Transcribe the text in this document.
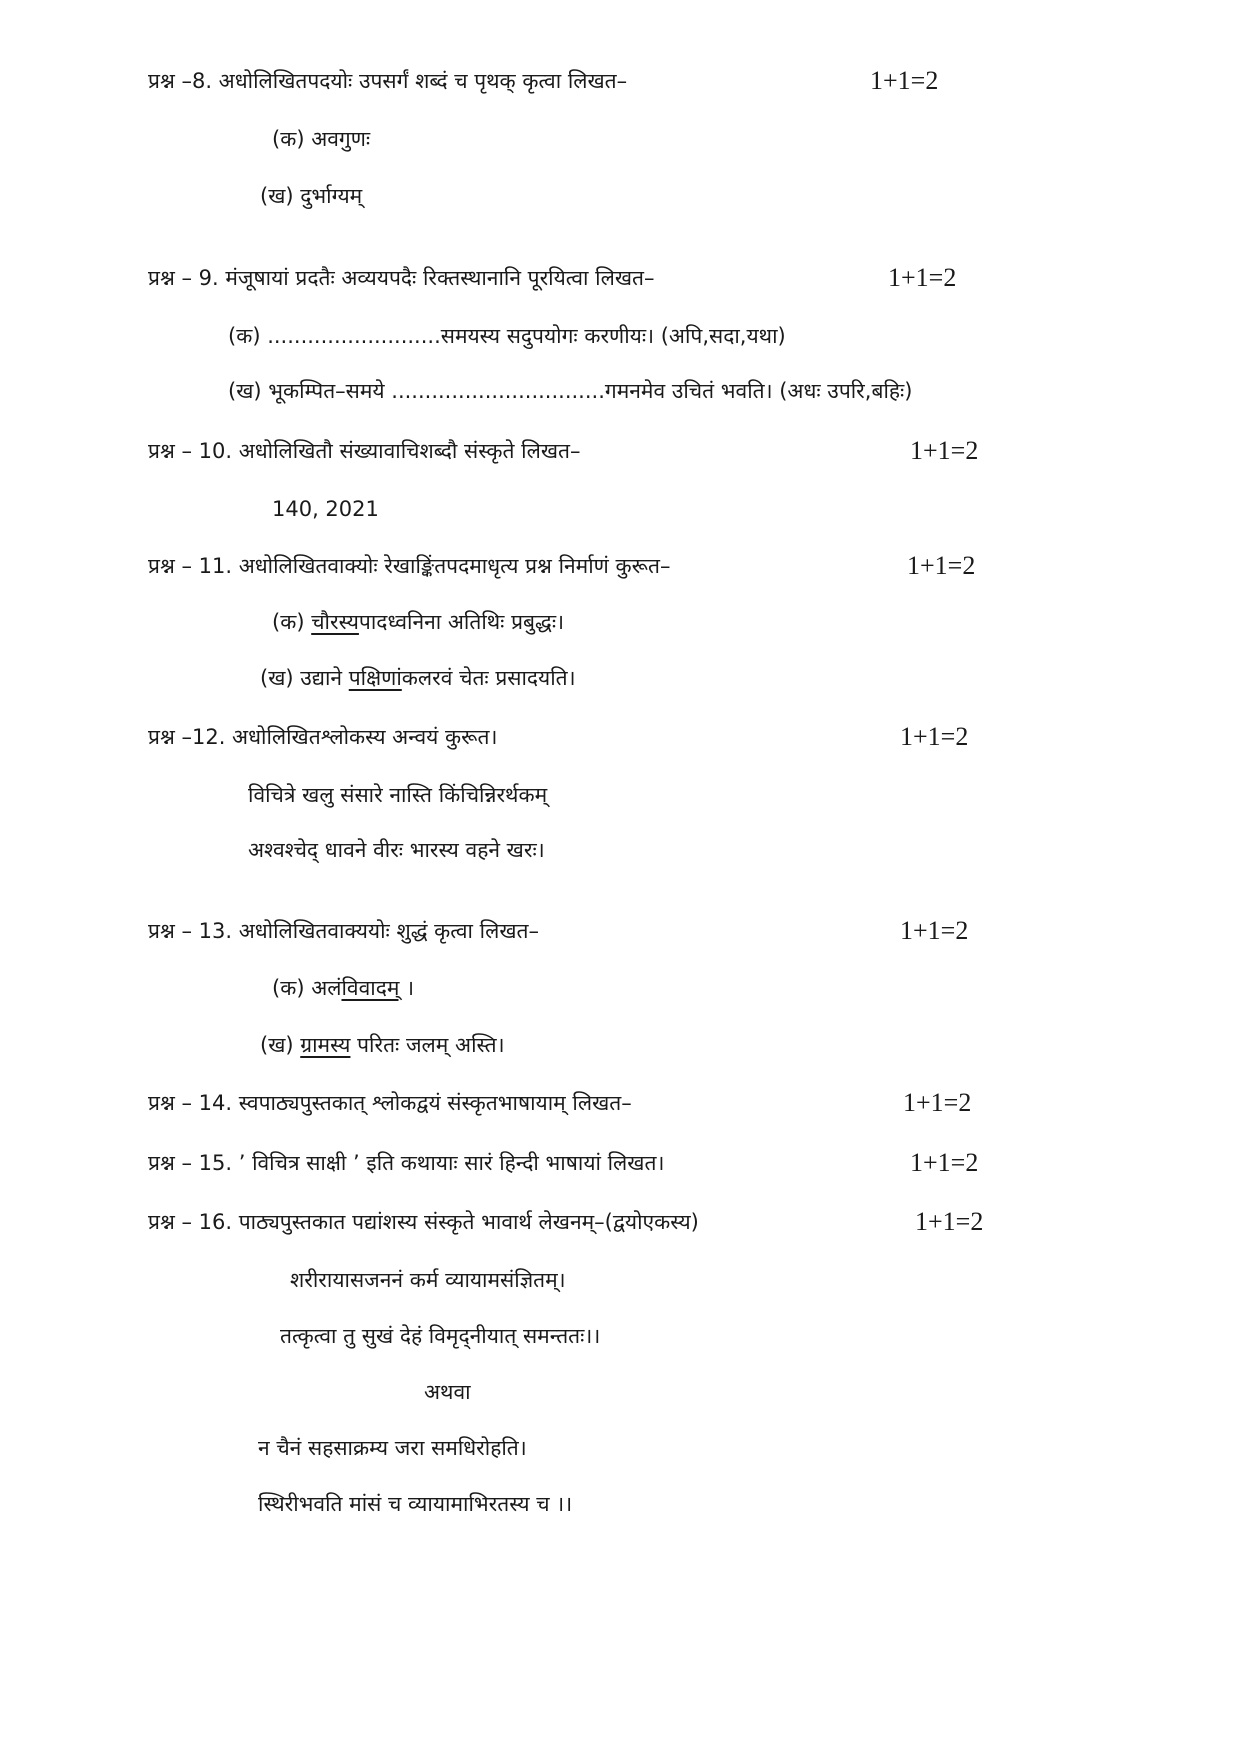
प्रश्न –8. अधोलिखितपदयोः उपसर्गं शब्दं च पृथक् कृत्वा लिखत–	1+1=2
(क) अवगुणः
(ख) दुर्भाग्यम्
प्रश्न – 9. मंजूषायां प्रदतैः अव्ययपदैः रिक्तस्थानानि पूरयित्वा लिखत–	1+1=2
(क) ..........................समयस्य सदुपयोगः करणीयः। (अपि,सदा,यथा)
(ख) भूकम्पित–समये ................................गमनमेव उचितं भवति। (अधः उपरि,बहिः)
प्रश्न – 10. अधोलिखितौ संख्यावाचिशब्दौ संस्कृते लिखत–	1+1=2
140, 2021
प्रश्न – 11. अधोलिखितवाक्योः रेखाङ्किंतपदमाधृत्य प्रश्न निर्माणं कुरूत–	1+1=2
(क) चौरस्यपादध्वनिना अतिथिः प्रबुद्धः।
(ख) उद्याने पक्षिणांकलरवं चेतः प्रसादयति।
प्रश्न –12. अधोलिखितश्लोकस्य अन्वयं कुरूत।	1+1=2
विचित्रे खलु संसारे नास्ति किंचिन्निरर्थकम्
अश्वश्चेद् धावने वीरः भारस्य वहने खरः।
प्रश्न – 13. अधोलिखितवाक्ययोः शुद्धं कृत्वा लिखत–	1+1=2
(क) अलंविवादम् ।
(ख) ग्रामस्य परितः जलम् अस्ति।
प्रश्न – 14. स्वपाठ्यपुस्तकात् श्लोकद्वयं संस्कृतभाषायाम् लिखत–	1+1=2
प्रश्न – 15. ’ विचित्र साक्षी ’ इति कथायाः सारं हिन्दी भाषायां लिखत।	1+1=2
प्रश्न – 16. पाठ्यपुस्तकात पद्यांशस्य संस्कृते भावार्थ लेखनम्–(द्वयोएकस्य)	1+1=2
शरीरायासजननं कर्म व्यायामसंज्ञितम्।
तत्कृत्वा तु सुखं देहं विमृद्नीयात् समन्ततः।।
अथवा
न चैनं सहसाक्रम्य जरा समधिरोहति।
स्थिरीभवति मांसं च व्यायामाभिरतस्य च ।।
